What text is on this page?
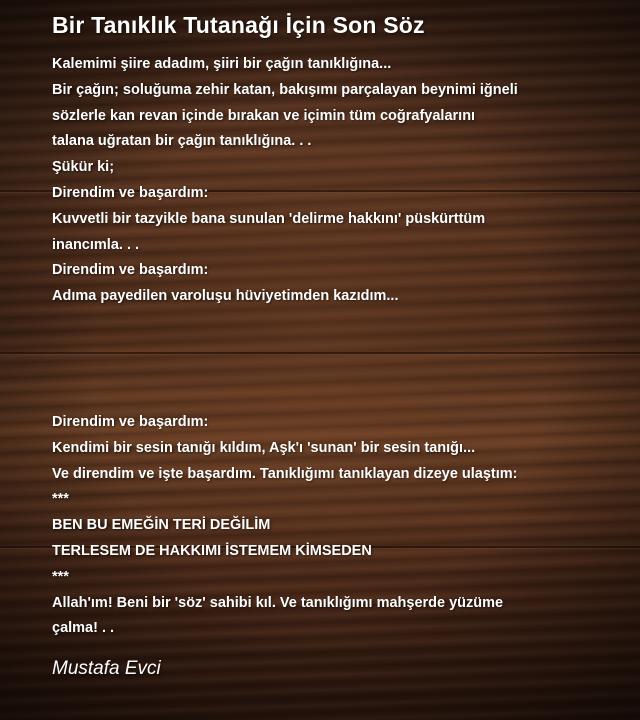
Bir Tanıklık Tutanağı İçin Son Söz
Kalemimi şiire adadım, şiiri bir çağın tanıklığına...
Bir çağın; soluğuma zehir katan, bakışımı parçalayan beynimi iğneli
sözlerle kan revan içinde bırakan ve içimin tüm coğrafyalarını
talana uğratan bir çağın tanıklığına. . .
Şükür ki;
Direndim ve başardım:
Kuvvetli bir tazyikle bana sunulan 'delirme hakkını' püskürttüm
inancımla. . .
Direndim ve başardım:
Adıma payedilen varoluşu hüviyetimden kazıdım...
Direndim ve başardım:
Kendimi bir sesin tanığı kıldım, Aşk'ı 'sunan' bir sesin tanığı...
Ve direndim ve işte başardım. Tanıklığımı tanıklayan dizeye ulaştım:
***
BEN BU EMEĞİN TERİ DEĞİLİM
TERLESEM DE HAKKIMI İSTEMEM KİMSEDEN
***
Allah'ım! Beni bir 'söz' sahibi kıl. Ve tanıklığımı mahşerde yüzüme
çalma! . .
Mustafa Evci
